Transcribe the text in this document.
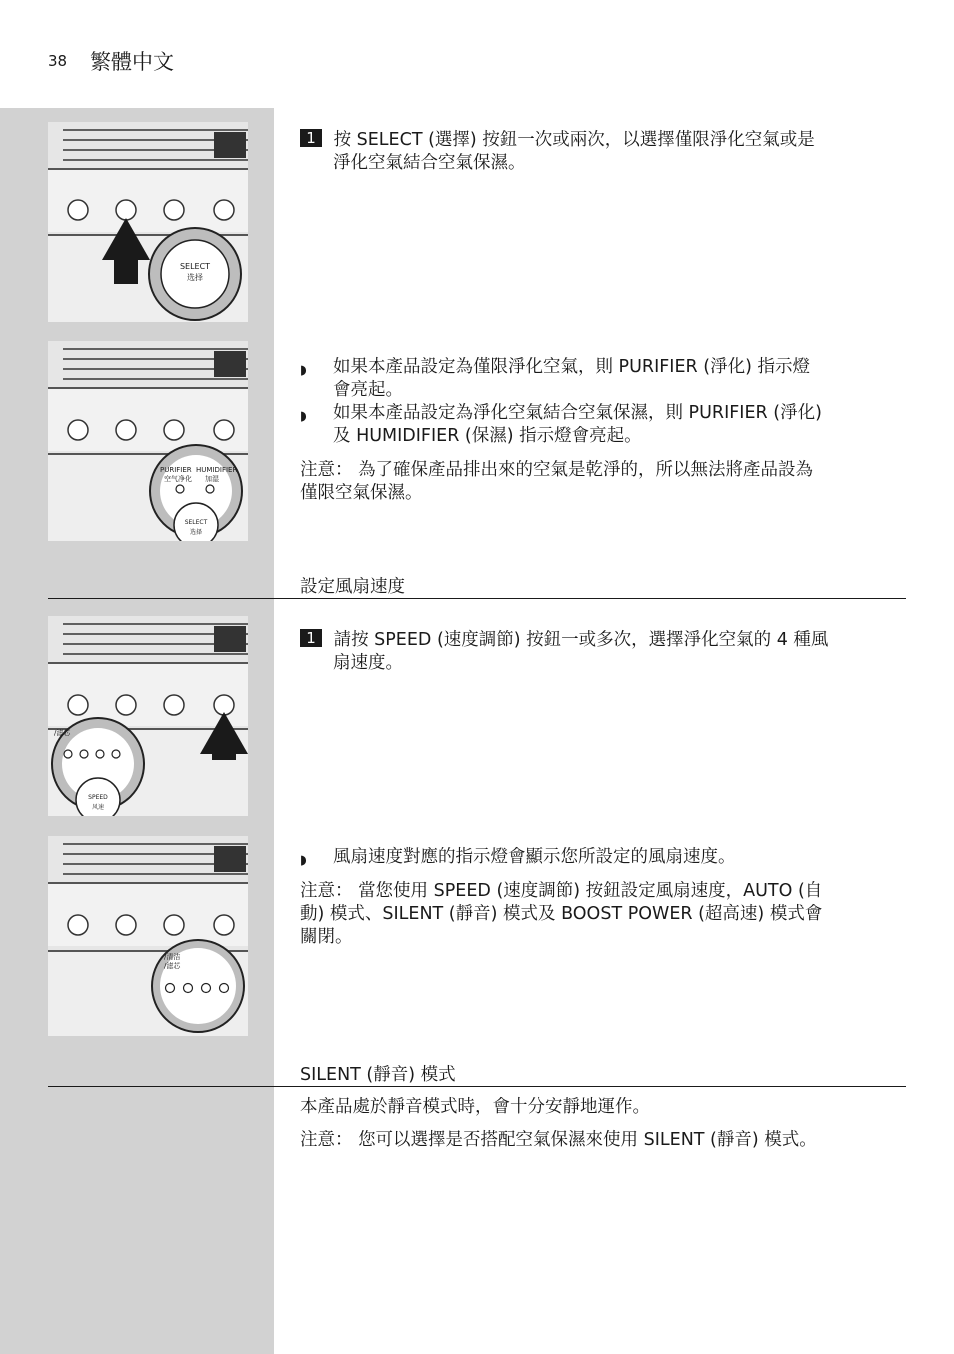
38 繁體中文
SELECT
选择
PURIFIER
空气净化
HUMIDIFIER
加湿
SELECT
选择
/滤芯
SPEED
风速
/清洁
/滤芯
1 按 SELECT (選擇) 按鈕一次或兩次，以選擇僅限淨化空氣或是
淨化空氣結合空氣保濕。
◗ 如果本產品設定為僅限淨化空氣，則 PURIFIER (淨化) 指示燈
會亮起。
◗ 如果本產品設定為淨化空氣結合空氣保濕，則 PURIFIER (淨化)
及 HUMIDIFIER (保濕) 指示燈會亮起。
注意： 為了確保產品排出來的空氣是乾淨的，所以無法將產品設為
僅限空氣保濕。
設定風扇速度
1 請按 SPEED (速度調節) 按鈕一或多次，選擇淨化空氣的 4 種風
扇速度。
◗ 風扇速度對應的指示燈會顯示您所設定的風扇速度。
注意： 當您使用 SPEED (速度調節) 按鈕設定風扇速度，AUTO (自
動) 模式、SILENT (靜音) 模式及 BOOST POWER (超高速) 模式會
關閉。
SILENT (靜音) 模式
本產品處於靜音模式時，會十分安靜地運作。
注意： 您可以選擇是否搭配空氣保濕來使用 SILENT (靜音) 模式。
